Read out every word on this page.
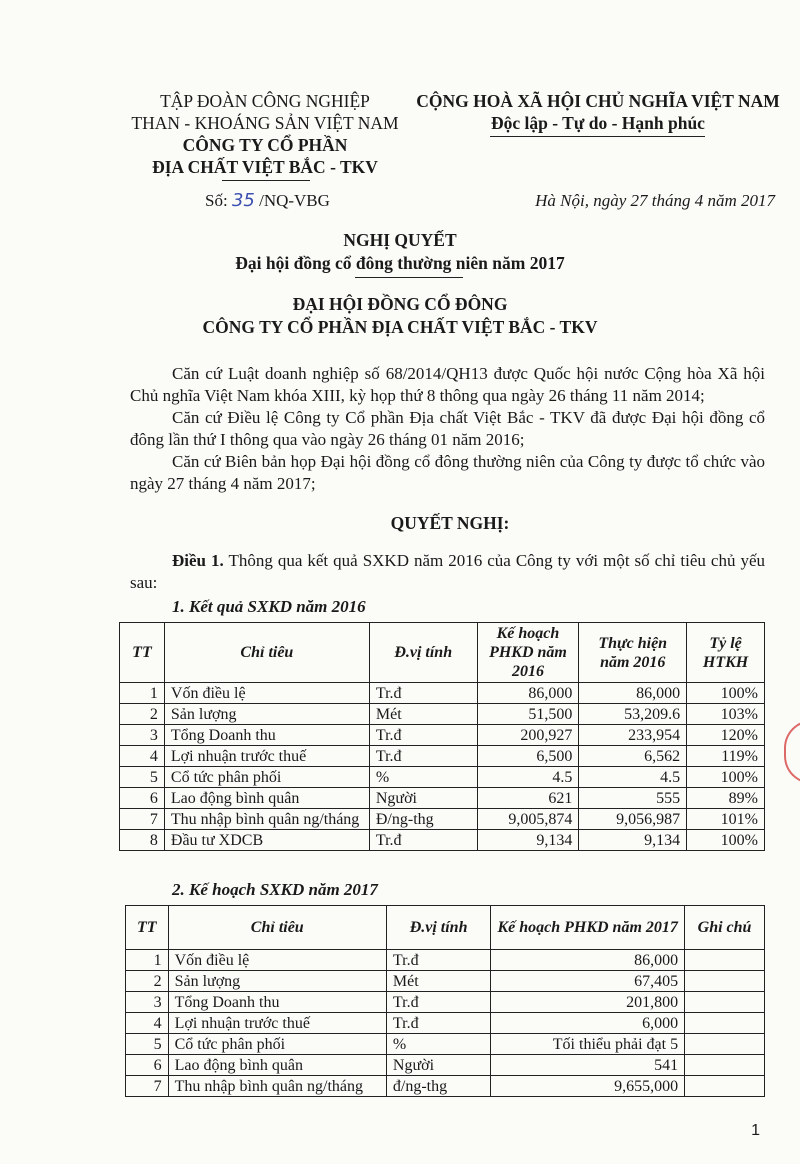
TẬP ĐOÀN CÔNG NGHIỆP
THAN - KHOÁNG SẢN VIỆT NAM
CÔNG TY CỔ PHẦN
ĐỊA CHẤT VIỆT BẮC - TKV
CỘNG HOÀ XÃ HỘI CHỦ NGHĨA VIỆT NAM
Độc lập - Tự do - Hạnh phúc
Số: 35 /NQ-VBG	Hà Nội, ngày 27 tháng 4 năm 2017
NGHỊ QUYẾT
Đại hội đồng cổ đông thường niên năm 2017
ĐẠI HỘI ĐỒNG CỔ ĐÔNG
CÔNG TY CỔ PHẦN ĐỊA CHẤT VIỆT BẮC - TKV
Căn cứ Luật doanh nghiệp số 68/2014/QH13 được Quốc hội nước Cộng hòa Xã hội Chủ nghĩa Việt Nam khóa XIII, kỳ họp thứ 8 thông qua ngày 26 tháng 11 năm 2014;
Căn cứ Điều lệ Công ty Cổ phần Địa chất Việt Bắc - TKV đã được Đại hội đồng cổ đông lần thứ I thông qua vào ngày 26 tháng 01 năm 2016;
Căn cứ Biên bản họp Đại hội đồng cổ đông thường niên của Công ty được tổ chức vào ngày 27 tháng 4 năm 2017;
QUYẾT NGHỊ:
Điều 1. Thông qua kết quả SXKD năm 2016 của Công ty với một số chỉ tiêu chủ yếu sau:
1. Kết quả SXKD năm 2016
TT	Chỉ tiêu	Đ.vị tính	Kế hoạch PHKD năm 2016	Thực hiện năm 2016	Tỷ lệ HTKH
1	Vốn điều lệ	Tr.đ	86,000	86,000	100%
2	Sản lượng	Mét	51,500	53,209.6	103%
3	Tổng Doanh thu	Tr.đ	200,927	233,954	120%
4	Lợi nhuận trước thuế	Tr.đ	6,500	6,562	119%
5	Cổ tức phân phối	%	4.5	4.5	100%
6	Lao động bình quân	Người	621	555	89%
7	Thu nhập bình quân ng/tháng	Đ/ng-thg	9,005,874	9,056,987	101%
8	Đầu tư XDCB	Tr.đ	9,134	9,134	100%
2. Kế hoạch SXKD năm 2017
TT	Chỉ tiêu	Đ.vị tính	Kế hoạch PHKD năm 2017	Ghi chú
1	Vốn điều lệ	Tr.đ	86,000	
2	Sản lượng	Mét	67,405	
3	Tổng Doanh thu	Tr.đ	201,800	
4	Lợi nhuận trước thuế	Tr.đ	6,000	
5	Cổ tức phân phối	%	Tối thiểu phải đạt 5	
6	Lao động bình quân	Người	541	
7	Thu nhập bình quân ng/tháng	đ/ng-thg	9,655,000	
1
